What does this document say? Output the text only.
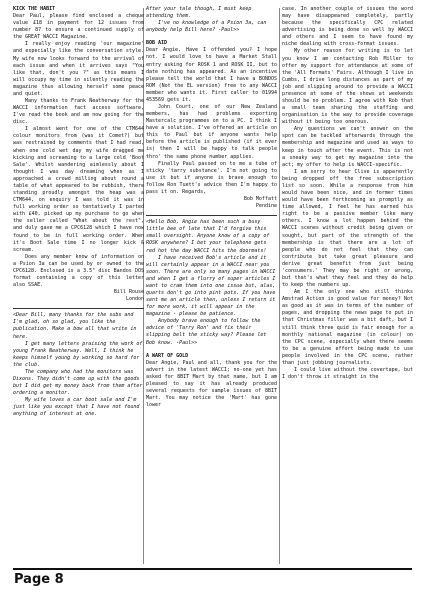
KICK THE HABIT

Dear Paul, please find enclosed a cheque value £18 in payment for 12 issues from number 87 to ensure a continued supply of the GREAT WACCI Magazine.

I really enjoy reading 'our magazine' and especially like the conversation style. My wife now looks forward to the arrival of each issue and when it arrives says "You like that, don't you ?" as this means I will occupy my time in silently reading the magazine thus allowing herself some peace and quiet.

Many thanks to Frank Neatherway for the WACCI information fact access software, I've read the book and am now going for the disc.

I almost went for one of the CTM644 colour monitors from (was it Comet?) but was restrained by comments that I had read, when one cold wet day my wife dragged me kicking and screaming to a large cold 'Boot Sale'. Whilst wandering aimlessly about I thought I was day dreaming when as I approached a crowd milling about round a table of what appeared to be rubbish, there standing proudly amongst the heap was a CTM644, on enquiry I was told it was in full working order so tentatively I parted with £40, picked up my purchase to go when the seller called "What about the rest", and duly gave me a CPC6128 which I have now found to be in full working order. When it's Boot Sale time I no longer kick & scream.

Does any member know of information on a Psion 3a can be used by or owned to the CPC6128. Enclosed is a 3.5" disc Bandos DOS format containing a copy of this letter also SSAE.

Bill Rouse

London

<Dear Bill, many thanks for the subs and I'm glad, oh so glad, you like the publication. Make a bow all that write in here.

I get many letters praising the work of young Frank Neatherway. Well, I think he keeps himself young by working so hard for the club.

The company who had the monitors was Dixons. They didn't come up with the goods but I did get my money back from them after ordering a monitor.

My wife loves a car boot sale and I'm just like you except that I have not found anything of interest at one.

After your tale though, I must keep attending them.

I've no knowledge of a Psion 3a, can anybody help Bill here? -Paul>>

BOB AID

Dear Angie, Have I offended you? I hope not. I would love to have a Market Stall entry asking for ROSK 1 and ROSK II, but to date nothing has appeared. As an incentive please tell the world that I have a BONDOS ROM (Not the EL version) free to any WACCI member who wants it. First caller to 01994 453569 gets it.

John Court, one of our New Zealand members, has had problems exporting Mastercalc programmes on to a PC. I think I have a solution. I've offered an article on this to Paul but if anyone wants help before the article is published (if it ever is) then I will be happy to talk people thro' the same phone number applies.

Finally Paul passed on to me a tube of sticky 'tarry substance'. I'm not going to use it but if anyone is brave enough to follow Ron Tuett's advice then I'm happy to pass it on. Regards,

Bob Moffatt

Pendine

<Hello Bob, Angie has been such a busy little bee of late that I'd forgive this small oversight. Anyone know of a copy of ROSK anywhere? I bet your telephone gets red hot the day WACCI hits the doormats!

I have received Bob's article and it will certainly appear in a WACCI near you soon. There are only so many pages in WACCI and when I get a flurry of super articles I want to cram them into one issue but, alas, quarts don't go into pint pots. If you have sent me an article then, unless I return it for more work, it will appear in the magazine - please be patience.

Anybody brave enough to follow the advice of 'Tarry Ron' and fix their slipping belt the sticky way? Please let Bob know. -Paul>>

A WART OF GOLD

Dear Angie, Paul and all, thank you for the advert in the latest WACCI; no-one yet has asked for 8BIT Mart by that name, but I am pleased to say it has already produced several requests for sample issues of 8BIT Mart. You may notice the 'Mart' has gone lower

case. In another couple of issues the word may have disappeared completely, partly because the specifically CPC related advertising is being done so well by WACCI and others and I seem to have found my niche dealing with cross-format issues.

My other reason for writing is to let you know I am contacting Rob Miller to offer my support for attendance at some of the 'All Formats' Fairs. Although I live in Cumbs, I drive long distances as part of my job and slipping around to provide a WACCI presence at some of the shows at weekends should be no problem. I agree with Rob that a small team sharing the staffing and organisation is the way to provide coverage without it being too onerous.

Any questions we can't answer on the spot can be tackled afterwards through the membership and magazine and used as ways to keep in touch after the event. This is not a sneaky way to get my magazine into the act; my offer to help is WACCI-specific.

I am sorry to hear Clive is apparently being dropped off the free subscription list so soon. While a response from him would have been nice, and in former times would have been forthcoming as promptly as time allowed, I feel he has earned his right to be a passive member like many others. I know a lot happen behind the WACCI scenes without credit being given or sought, but part of the strength of the membership is that there are a lot of people who do not feel that they can contribute but take great pleasure and derive great benefit from just being 'consumers.' They may be right or wrong, but that's what they feel and they do help to keep the numbers up.

Am I the only one who still thinks Amstrad Action is good value for money? Not as good as it was in terms of the number of pages, and dropping the news page to put in that Christmas filler was a bit daft, but I still think three quid is fair enough for a monthly national magazine (in colour) on the CPC scene, especially when there seems to be a genuine effort being made to use people involved in the CPC scene, rather than just jobbing journalists.

I could live without the covertape, but I don't throw it straight in the

Page 8
